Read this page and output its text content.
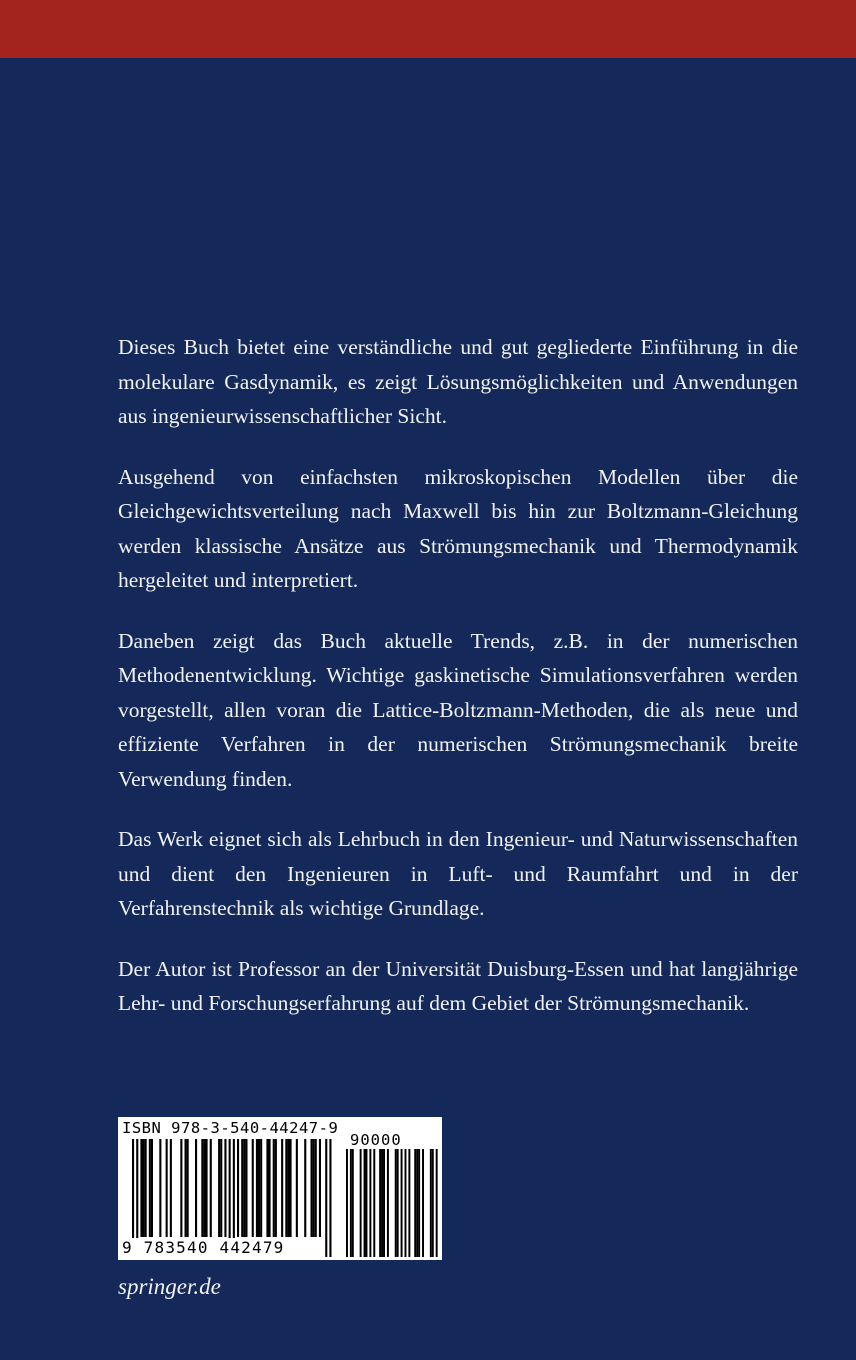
Dieses Buch bietet eine verständliche und gut gegliederte Einführung in die molekulare Gasdynamik, es zeigt Lösungsmöglichkeiten und Anwendungen aus ingenieurwissenschaftlicher Sicht.

Ausgehend von einfachsten mikroskopischen Modellen über die Gleichgewichtsverteilung nach Maxwell bis hin zur Boltzmann-Gleichung werden klassische Ansätze aus Strömungsmechanik und Thermodynamik hergeleitet und interpretiert.

Daneben zeigt das Buch aktuelle Trends, z.B. in der numerischen Methodenentwicklung. Wichtige gaskinetische Simulationsverfahren werden vorgestellt, allen voran die Lattice-Boltzmann-Methoden, die als neue und effiziente Verfahren in der numerischen Strömungsmechanik breite Verwendung finden.

Das Werk eignet sich als Lehrbuch in den Ingenieur- und Naturwissenschaften und dient den Ingenieuren in Luft- und Raumfahrt und in der Verfahrenstechnik als wichtige Grundlage.

Der Autor ist Professor an der Universität Duisburg-Essen und hat langjährige Lehr- und Forschungserfahrung auf dem Gebiet der Strömungsmechanik.

ISBN 978-3-540-44247-9
90000
9 783540 442479
springer.de
